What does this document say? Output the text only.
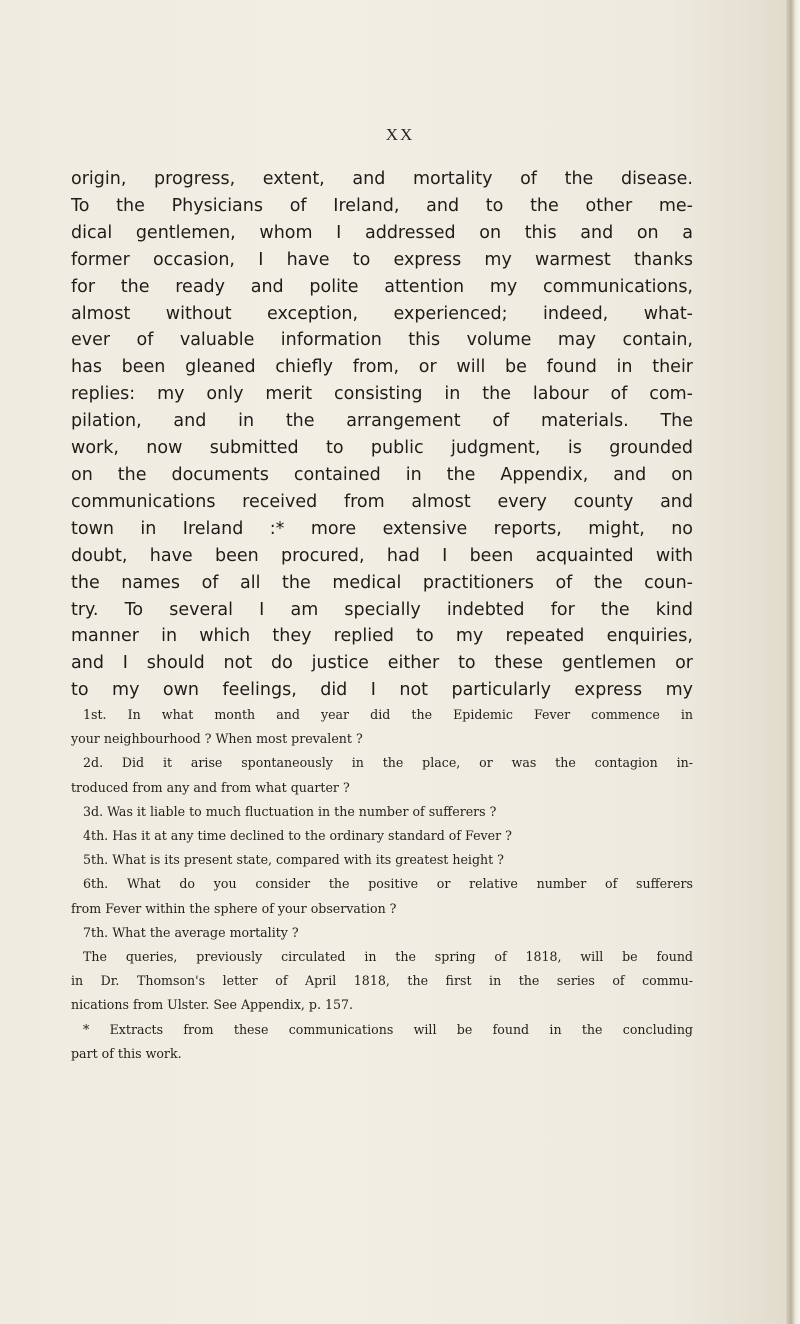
XX
origin, progress, extent, and mortality of the disease.
To the Physicians of Ireland, and to the other me-
dical gentlemen, whom I addressed on this and on a
former occasion, I have to express my warmest thanks
for the ready and polite attention my communications,
almost without exception, experienced; indeed, what-
ever of valuable information this volume may contain,
has been gleaned chiefly from, or will be found in their
replies: my only merit consisting in the labour of com-
pilation, and in the arrangement of materials. The
work, now submitted to public judgment, is grounded
on the documents contained in the Appendix, and on
communications received from almost every county and
town in Ireland :* more extensive reports, might, no
doubt, have been procured, had I been acquainted with
the names of all the medical practitioners of the coun-
try. To several I am specially indebted for the kind
manner in which they replied to my repeated enquiries,
and I should not do justice either to these gentlemen or
to my own feelings, did I not particularly express my
1st. In what month and year did the Epidemic Fever commence in
your neighbourhood ? When most prevalent ?
2d. Did it arise spontaneously in the place, or was the contagion in-
troduced from any and from what quarter ?
3d. Was it liable to much fluctuation in the number of sufferers ?
4th. Has it at any time declined to the ordinary standard of Fever ?
5th. What is its present state, compared with its greatest height ?
6th. What do you consider the positive or relative number of sufferers
from Fever within the sphere of your observation ?
7th. What the average mortality ?
The queries, previously circulated in the spring of 1818, will be found
in Dr. Thomson's letter of April 1818, the first in the series of commu-
nications from Ulster. See Appendix, p. 157.
* Extracts from these communications will be found in the concluding
part of this work.
